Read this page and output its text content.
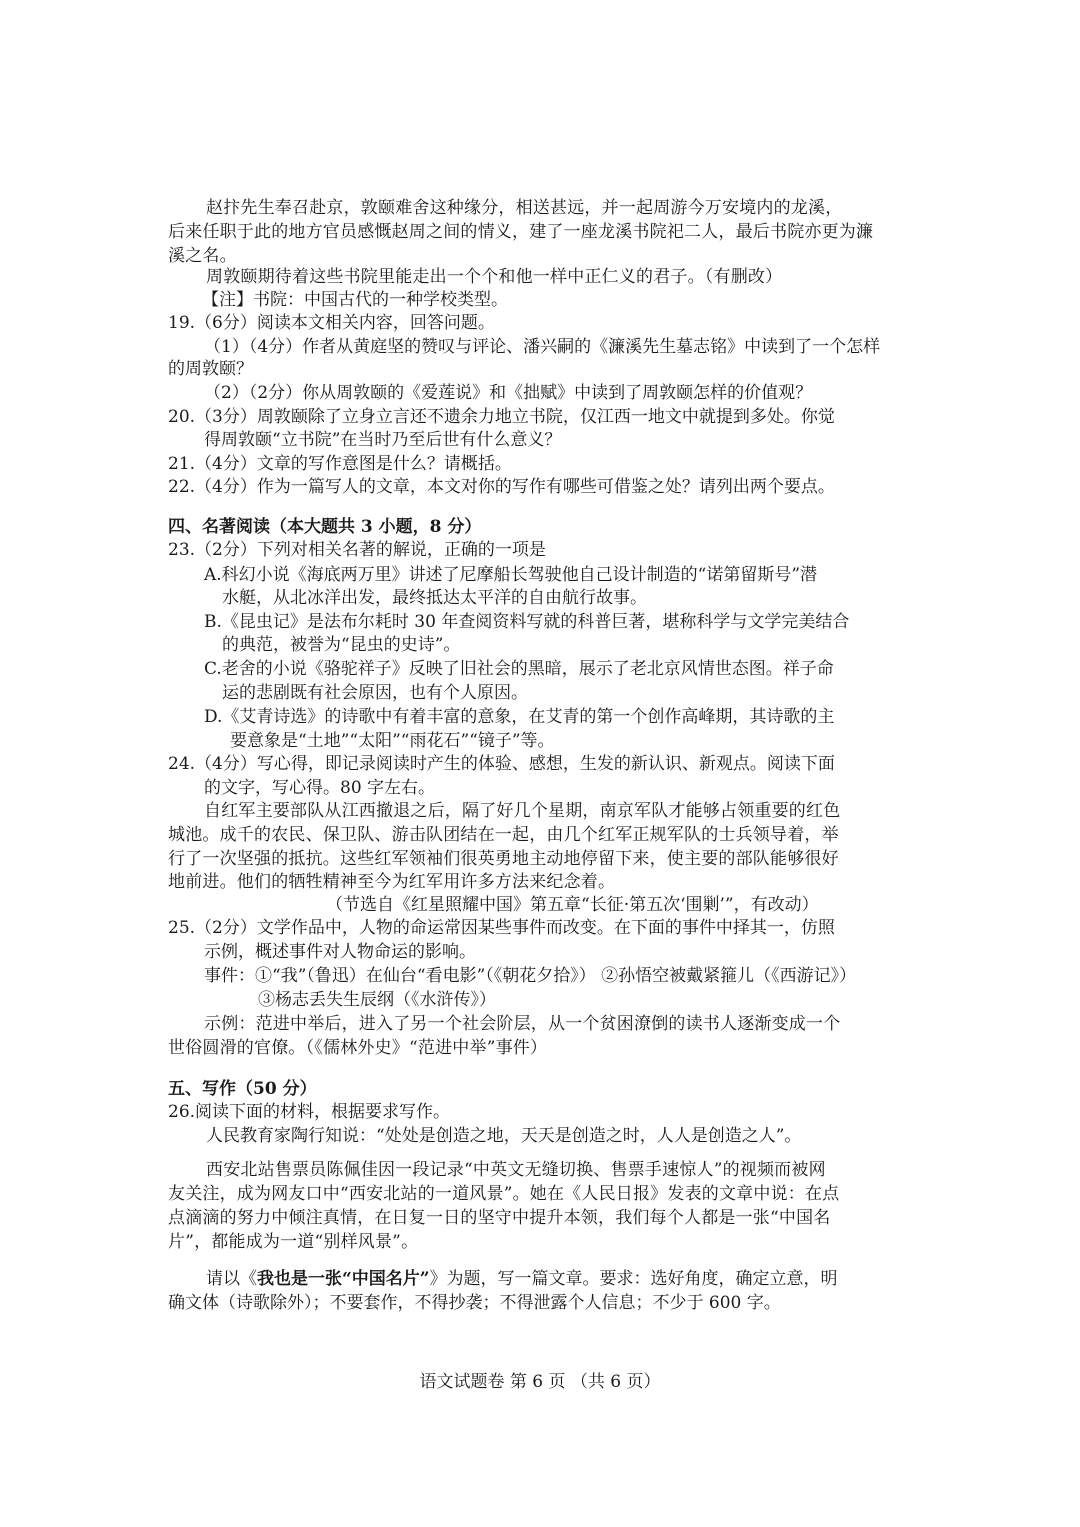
赵抃先生奉召赴京，敦颐难舍这种缘分，相送甚远，并一起周游今万安境内的龙溪，
后来任职于此的地方官员感慨赵周之间的情义，建了一座龙溪书院祀二人，最后书院亦更为濂
溪之名。
周敦颐期待着这些书院里能走出一个个和他一样中正仁义的君子。（有删改）
【注】书院：中国古代的一种学校类型。
19.（6分）阅读本文相关内容，回答问题。
（1）（4分）作者从黄庭坚的赞叹与评论、潘兴嗣的《濂溪先生墓志铭》中读到了一个怎样
的周敦颐？
（2）（2分）你从周敦颐的《爱莲说》和《拙赋》中读到了周敦颐怎样的价值观？
20.（3分）周敦颐除了立身立言还不遗余力地立书院，仅江西一地文中就提到多处。你觉
得周敦颐“立书院”在当时乃至后世有什么意义？
21.（4分）文章的写作意图是什么？请概括。
22.（4分）作为一篇写人的文章，本文对你的写作有哪些可借鉴之处？请列出两个要点。
四、名著阅读（本大题共 3 小题，8 分）
23.（2分）下列对相关名著的解说，正确的一项是
A.科幻小说《海底两万里》讲述了尼摩船长驾驶他自己设计制造的“诺第留斯号”潜
水艇，从北冰洋出发，最终抵达太平洋的自由航行故事。
B.《昆虫记》是法布尔耗时 30 年查阅资料写就的科普巨著，堪称科学与文学完美结合
的典范，被誉为“昆虫的史诗”。
C.老舍的小说《骆驼祥子》反映了旧社会的黑暗，展示了老北京风情世态图。祥子命
运的悲剧既有社会原因，也有个人原因。
D.《艾青诗选》的诗歌中有着丰富的意象，在艾青的第一个创作高峰期，其诗歌的主
要意象是“土地”“太阳”“雨花石”“镜子”等。
24.（4分）写心得，即记录阅读时产生的体验、感想，生发的新认识、新观点。阅读下面
的文字，写心得。80 字左右。
自红军主要部队从江西撤退之后，隔了好几个星期，南京军队才能够占领重要的红色
城池。成千的农民、保卫队、游击队团结在一起，由几个红军正规军队的士兵领导着，举
行了一次坚强的抵抗。这些红军领袖们很英勇地主动地停留下来，使主要的部队能够很好
地前进。他们的牺牲精神至今为红军用许多方法来纪念着。
（节选自《红星照耀中国》第五章“长征·第五次‘围剿’”，有改动）
25.（2分）文学作品中，人物的命运常因某些事件而改变。在下面的事件中择其一，仿照
示例，概述事件对人物命运的影响。
事件：①“我”（鲁迅）在仙台“看电影”（《朝花夕拾》） ②孙悟空被戴紧箍儿（《西游记》）
③杨志丢失生辰纲（《水浒传》）
示例：范进中举后，进入了另一个社会阶层，从一个贫困潦倒的读书人逐渐变成一个
世俗圆滑的官僚。（《儒林外史》“范进中举”事件）
五、写作（50 分）
26.阅读下面的材料，根据要求写作。
人民教育家陶行知说：“处处是创造之地，天天是创造之时，人人是创造之人”。
西安北站售票员陈佩佳因一段记录“中英文无缝切换、售票手速惊人”的视频而被网
友关注，成为网友口中“西安北站的一道风景”。她在《人民日报》发表的文章中说：在点
点滴滴的努力中倾注真情，在日复一日的坚守中提升本领，我们每个人都是一张“中国名
片”，都能成为一道“别样风景”。
请以《我也是一张“中国名片”》为题，写一篇文章。要求：选好角度，确定立意，明
确文体（诗歌除外）；不要套作，不得抄袭；不得泄露个人信息；不少于 600 字。
语文试题卷 第 6 页 （共 6 页）
